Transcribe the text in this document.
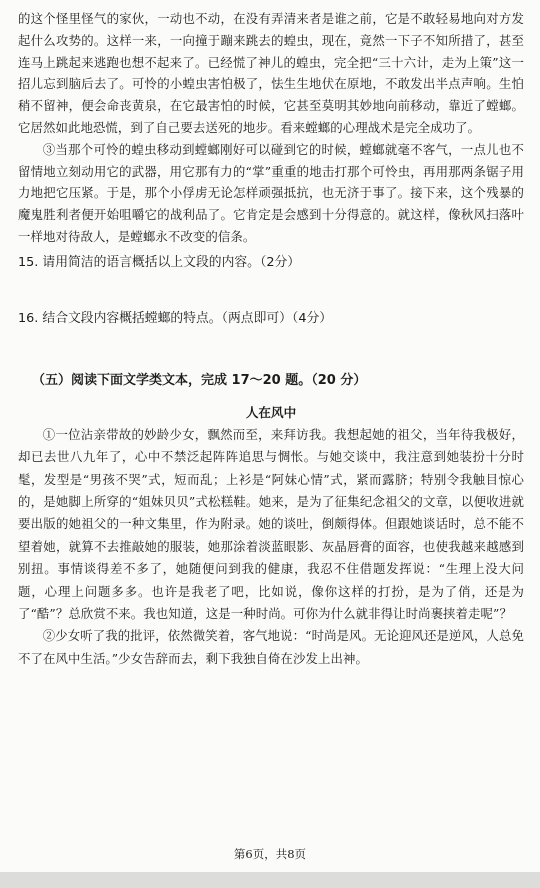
的这个怪里怪气的家伙，一动也不动，在没有弄清来者是谁之前，它是不敢轻易地向对方发起什么攻势的。这样一来，一向撞于蹦来跳去的蝗虫，现在，竟然一下子不知所措了，甚至连马上跳起来逃跑也想不起来了。已经慌了神儿的蝗虫，完全把“三十六计，走为上策”这一招儿忘到脑后去了。可怜的小蝗虫害怕极了，怯生生地伏在原地，不敢发出半点声响。生怕稍不留神，便会命丧黄泉，在它最害怕的时候，它甚至莫明其妙地向前移动，靠近了螳螂。它居然如此地恐慌，到了自己要去送死的地步。看来螳螂的心理战术是完全成功了。

③当那个可怜的蝗虫移动到螳螂刚好可以碰到它的时候，螳螂就毫不客气，一点儿也不留情地立刻动用它的武器，用它那有力的“掌”重重的地击打那个可怜虫，再用那两条锯子用力地把它压紧。于是，那个小俘虏无论怎样顽强抵抗，也无济于事了。接下来，这个残暴的魔鬼胜利者便开始咀嚼它的战利品了。它肯定是会感到十分得意的。就这样，像秋风扫落叶一样地对待敌人，是螳螂永不改变的信条。

15. 请用简洁的语言概括以上文段的内容。（2分）

16. 结合文段内容概括螳螂的特点。（两点即可）（4分）

（五）阅读下面文学类文本，完成 17～20 题。（20 分）

人在风中

①一位沾亲带故的妙龄少女，飘然而至，来拜访我。我想起她的祖父，当年待我极好，却已去世八九年了，心中不禁泛起阵阵追思与惆怅。与她交谈中，我注意到她装扮十分时髦，发型是“男孩不哭”式，短而乱；上衫是“阿妹心情”式，紧而露脐；特别令我触目惊心的，是她脚上所穿的“姐妹贝贝”式松糕鞋。她来，是为了征集纪念祖父的文章，以便收进就要出版的她祖父的一种文集里，作为附录。她的谈吐，倒颇得体。但跟她谈话时，总不能不望着她，就算不去推敲她的服装，她那涂着淡蓝眼影、灰晶唇膏的面容，也使我越来越感到别扭。事情谈得差不多了，她随便问到我的健康，我忍不住借题发挥说：“生理上没大问题，心理上问题多多。也许是我老了吧，比如说，像你这样的打扮，是为了俏，还是为了“酷”？总欣赏不来。我也知道，这是一种时尚。可你为什么就非得让时尚裹挟着走呢”？

②少女听了我的批评，依然微笑着，客气地说：“时尚是风。无论迎风还是逆风，人总免不了在风中生活。”少女告辞而去，剩下我独自倚在沙发上出神。

第6页，共8页
